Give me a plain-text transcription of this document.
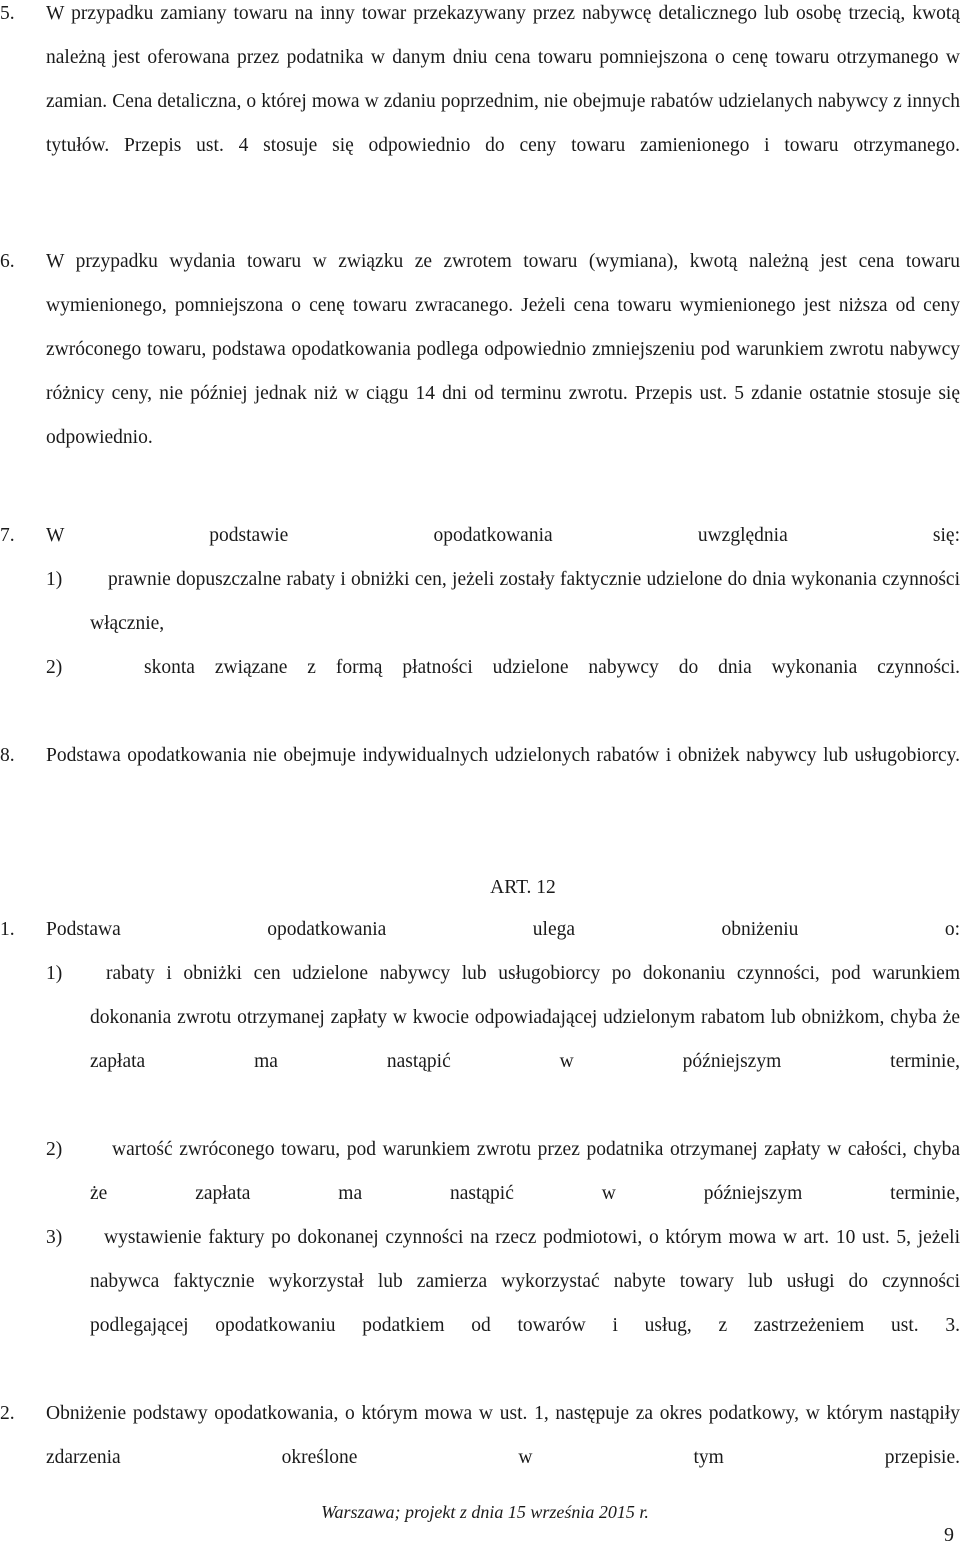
5.	W przypadku zamiany towaru na inny towar przekazywany przez nabywcę detalicznego lub osobę trzecią, kwotą należną jest oferowana przez podatnika w danym dniu cena towaru pomniejszona o cenę towaru otrzymanego w zamian. Cena detaliczna, o której mowa w zdaniu poprzednim, nie obejmuje rabatów udzielanych nabywcy z innych tytułów. Przepis ust. 4 stosuje się odpowiednio do ceny towaru zamienionego i towaru otrzymanego.
6.	W przypadku wydania towaru w związku ze zwrotem towaru (wymiana), kwotą należną jest cena towaru wymienionego, pomniejszona o cenę towaru zwracanego. Jeżeli cena towaru wymienionego jest niższa od ceny zwróconego towaru, podstawa opodatkowania podlega odpowiednio zmniejszeniu pod warunkiem zwrotu nabywcy różnicy ceny, nie później jednak niż w ciągu 14 dni od terminu zwrotu. Przepis ust. 5 zdanie ostatnie stosuje się odpowiednio.
7.	W podstawie opodatkowania uwzględnia się:
1)	prawnie dopuszczalne rabaty i obniżki cen, jeżeli zostały faktycznie udzielone do dnia wykonania czynności włącznie,
2)	skonta związane z formą płatności udzielone nabywcy do dnia wykonania czynności.
8.	Podstawa opodatkowania nie obejmuje indywidualnych udzielonych rabatów i obniżek nabywcy lub usługobiorcy.
ART. 12
1.	Podstawa opodatkowania ulega obniżeniu o:
1)	rabaty i obniżki cen udzielone nabywcy lub usługobiorcy po dokonaniu czynności, pod warunkiem dokonania zwrotu otrzymanej zapłaty w kwocie odpowiadającej udzielonym rabatom lub obniżkom, chyba że zapłata ma nastąpić w późniejszym terminie,
2)	wartość zwróconego towaru, pod warunkiem zwrotu przez podatnika otrzymanej zapłaty w całości, chyba że zapłata ma nastąpić w późniejszym terminie,
3)	wystawienie faktury po dokonanej czynności na rzecz podmiotowi, o którym mowa w art. 10 ust. 5, jeżeli nabywca faktycznie wykorzystał lub zamierza wykorzystać nabyte towary lub usługi do czynności podlegającej opodatkowaniu podatkiem od towarów i usług, z zastrzeżeniem ust. 3.
2.	Obniżenie podstawy opodatkowania, o którym mowa w ust. 1, następuje za okres podatkowy, w którym nastąpiły zdarzenia określone w tym przepisie.
Warszawa; projekt z dnia 15 września 2015 r.
9
